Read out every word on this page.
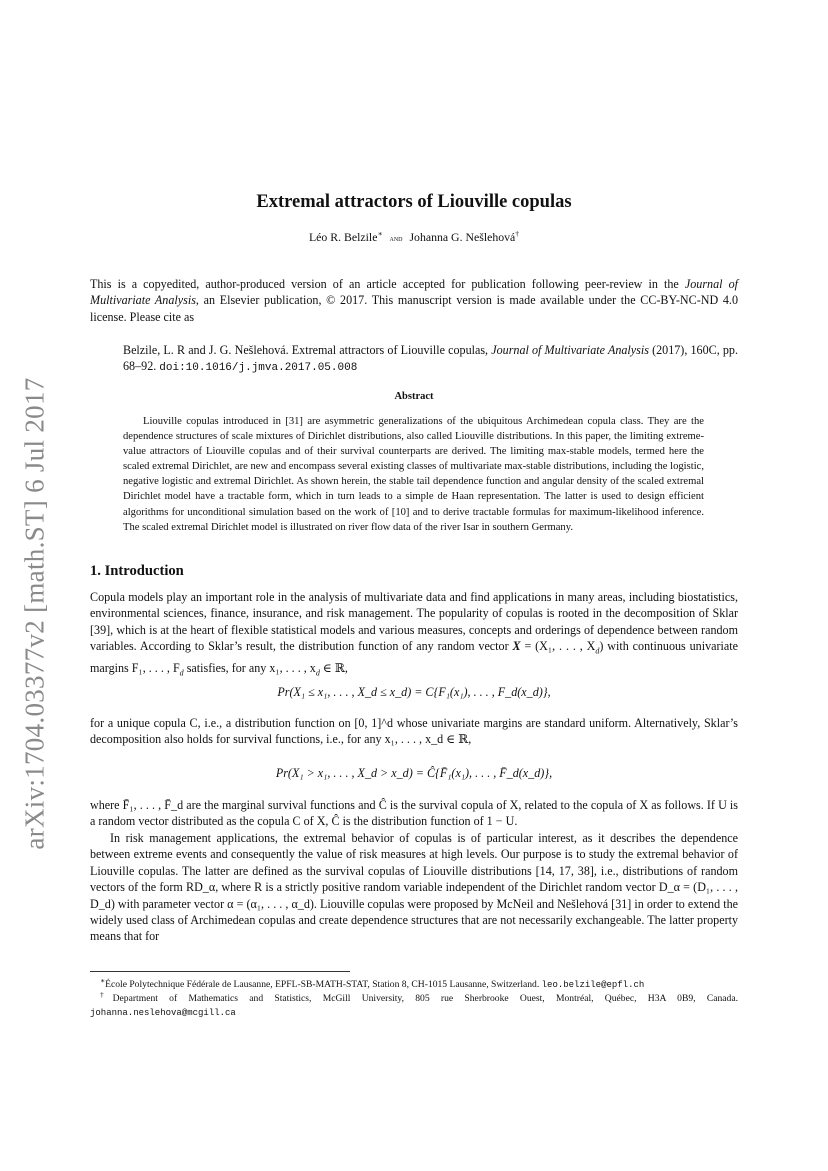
arXiv:1704.03377v2 [math.ST] 6 Jul 2017
Extremal attractors of Liouville copulas
Léo R. Belzile∗ and Johanna G. Nešlehová†
This is a copyedited, author-produced version of an article accepted for publication following peer-review in the Journal of Multivariate Analysis, an Elsevier publication, © 2017. This manuscript version is made available under the CC-BY-NC-ND 4.0 license. Please cite as
Belzile, L. R and J. G. Nešlehová. Extremal attractors of Liouville copulas, Journal of Multivariate Analysis (2017), 160C, pp. 68–92. doi:10.1016/j.jmva.2017.05.008
Abstract
Liouville copulas introduced in [31] are asymmetric generalizations of the ubiquitous Archimedean copula class. They are the dependence structures of scale mixtures of Dirichlet distributions, also called Liouville distributions. In this paper, the limiting extreme-value attractors of Liouville copulas and of their survival counterparts are derived. The limiting max-stable models, termed here the scaled extremal Dirichlet, are new and encompass several existing classes of multivariate max-stable distributions, including the logistic, negative logistic and extremal Dirichlet. As shown herein, the stable tail dependence function and angular density of the scaled extremal Dirichlet model have a tractable form, which in turn leads to a simple de Haan representation. The latter is used to design efficient algorithms for unconditional simulation based on the work of [10] and to derive tractable formulas for maximum-likelihood inference. The scaled extremal Dirichlet model is illustrated on river flow data of the river Isar in southern Germany.
1. Introduction
Copula models play an important role in the analysis of multivariate data and find applications in many areas, including biostatistics, environmental sciences, finance, insurance, and risk management. The popularity of copulas is rooted in the decomposition of Sklar [39], which is at the heart of flexible statistical models and various measures, concepts and orderings of dependence between random variables. According to Sklar’s result, the distribution function of any random vector X = (X₁, . . . , $X_d$) with continuous univariate margins F₁, . . . , $F_d$ satisfies, for any x₁, . . . , $x_d$ ∈ ℝ,
Pr(X₁ ≤ x₁, . . . , X_d ≤ x_d) = C{F₁(x₁), . . . , F_d(x_d)},
for a unique copula C, i.e., a distribution function on [0, 1]^d whose univariate margins are standard uniform. Alternatively, Sklar’s decomposition also holds for survival functions, i.e., for any x₁, . . . , x_d ∈ ℝ,
Pr(X₁ > x₁, . . . , X_d > x_d) = Ĉ{F̄₁(x₁), . . . , F̄_d(x_d)},
where F̄₁, . . . , F̄_d are the marginal survival functions and Ĉ is the survival copula of X, related to the copula of X as follows. If U is a random vector distributed as the copula C of X, Ĉ is the distribution function of 1 − U.
In risk management applications, the extremal behavior of copulas is of particular interest, as it describes the dependence between extreme events and consequently the value of risk measures at high levels. Our purpose is to study the extremal behavior of Liouville copulas. The latter are defined as the survival copulas of Liouville distributions [14, 17, 38], i.e., distributions of random vectors of the form RD_α, where R is a strictly positive random variable independent of the Dirichlet random vector D_α = (D₁, . . . , D_d) with parameter vector α = (α₁, . . . , α_d). Liouville copulas were proposed by McNeil and Nešlehová [31] in order to extend the widely used class of Archimedean copulas and create dependence structures that are not necessarily exchangeable. The latter property means that for
∗École Polytechnique Fédérale de Lausanne, EPFL-SB-MATH-STAT, Station 8, CH-1015 Lausanne, Switzerland. leo.belzile@epfl.ch
†Department of Mathematics and Statistics, McGill University, 805 rue Sherbrooke Ouest, Montréal, Québec, H3A 0B9, Canada. johanna.neslehova@mcgill.ca
